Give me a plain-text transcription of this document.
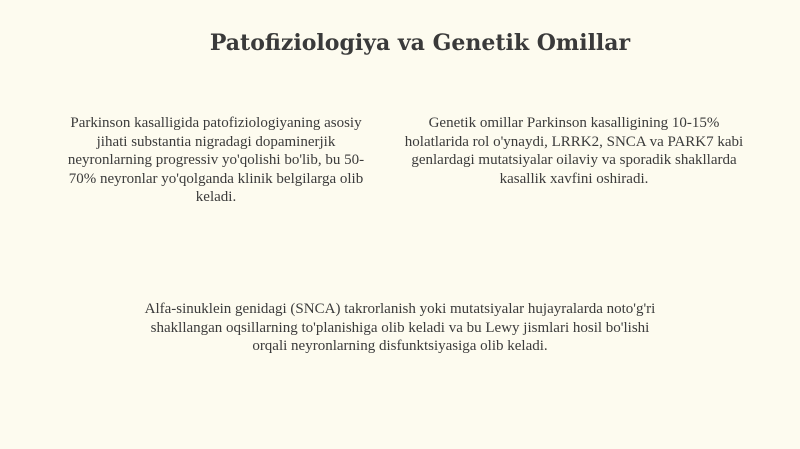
Patofiziologiya va Genetik Omillar

Parkinson kasalligida patofiziologiyaning asosiy jihati substantia nigradagi dopaminerjik neyronlarning progressiv yo'qolishi bo'lib, bu 50-70% neyronlar yo'qolganda klinik belgilarga olib keladi.

Genetik omillar Parkinson kasalligining 10-15% holatlarida rol o'ynaydi, LRRK2, SNCA va PARK7 kabi genlardagi mutatsiyalar oilaviy va sporadik shakllarda kasallik xavfini oshiradi.

Alfa-sinuklein genidagi (SNCA) takrorlanish yoki mutatsiyalar hujayralarda noto'g'ri shakllangan oqsillarning to'planishiga olib keladi va bu Lewy jismlari hosil bo'lishi orqali neyronlarning disfunktsiyasiga olib keladi.
